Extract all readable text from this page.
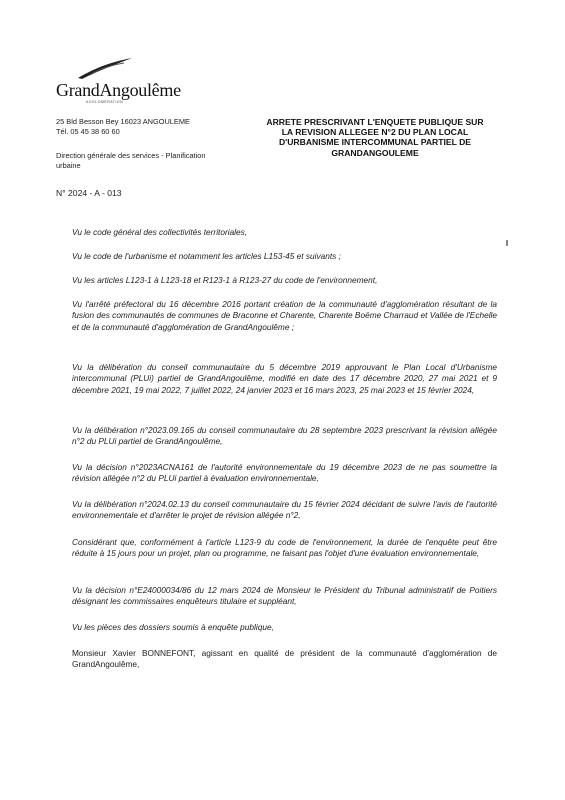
GrandAngoulême
AGGLOMÉRATION
25 Bld Besson Bey 16023 ANGOULEME
Tél. 05 45 38 60 60
Direction générale des services - Planification
urbaine
N° 2024 - A - 013
ARRETE PRESCRIVANT L'ENQUETE PUBLIQUE SUR
LA REVISION ALLEGEE N°2 DU PLAN LOCAL
D'URBANISME INTERCOMMUNAL PARTIEL DE
GRANDANGOULEME

Vu le code général des collectivités territoriales,

Vu le code de l'urbanisme et notamment les articles L153-45 et suivants ;

Vu les articles L123-1 à L123-18 et R123-1 à R123-27 du code de l'environnement,

Vu l'arrêté préfectoral du 16 décembre 2016 portant création de la communauté d'agglomération résultant de la fusion des communautés de communes de Braconne et Charente, Charente Boëme Charraud et Vallée de l'Echelle et de la communauté d'agglomération de GrandAngoulême ;

Vu la délibération du conseil communautaire du 5 décembre 2019 approuvant le Plan Local d'Urbanisme intercommunal (PLUi) partiel de GrandAngoulême, modifié en date des 17 décembre 2020, 27 mai 2021 et 9 décembre 2021, 19 mai 2022, 7 juillet 2022, 24 janvier 2023 et 16 mars 2023, 25 mai 2023 et 15 février 2024,

Vu la délibération n°2023.09.165 du conseil communautaire du 28 septembre 2023 prescrivant la révision allégée n°2 du PLUi partiel de GrandAngoulême,

Vu la décision n°2023ACNA161 de l'autorité environnementale du 19 décembre 2023 de ne pas soumettre la révision allégée n°2 du PLUi partiel à évaluation environnementale,

Vu la délibération n°2024.02.13 du conseil communautaire du 15 février 2024 décidant de suivre l'avis de l'autorité environnementale et d'arrêter le projet de révision allégée n°2,

Considérant que, conformément à l'article L123-9 du code de l'environnement, la durée de l'enquête peut être réduite à 15 jours pour un projet, plan ou programme, ne faisant pas l'objet d'une évaluation environnementale,

Vu la décision n°E24000034/86 du 12 mars 2024 de Monsieur le Président du Tribunal administratif de Poitiers désignant les commissaires enquêteurs titulaire et suppléant,

Vu les pièces des dossiers soumis à enquête publique,

Monsieur Xavier BONNEFONT, agissant en qualité de président de la communauté d'agglomération de GrandAngoulême,
